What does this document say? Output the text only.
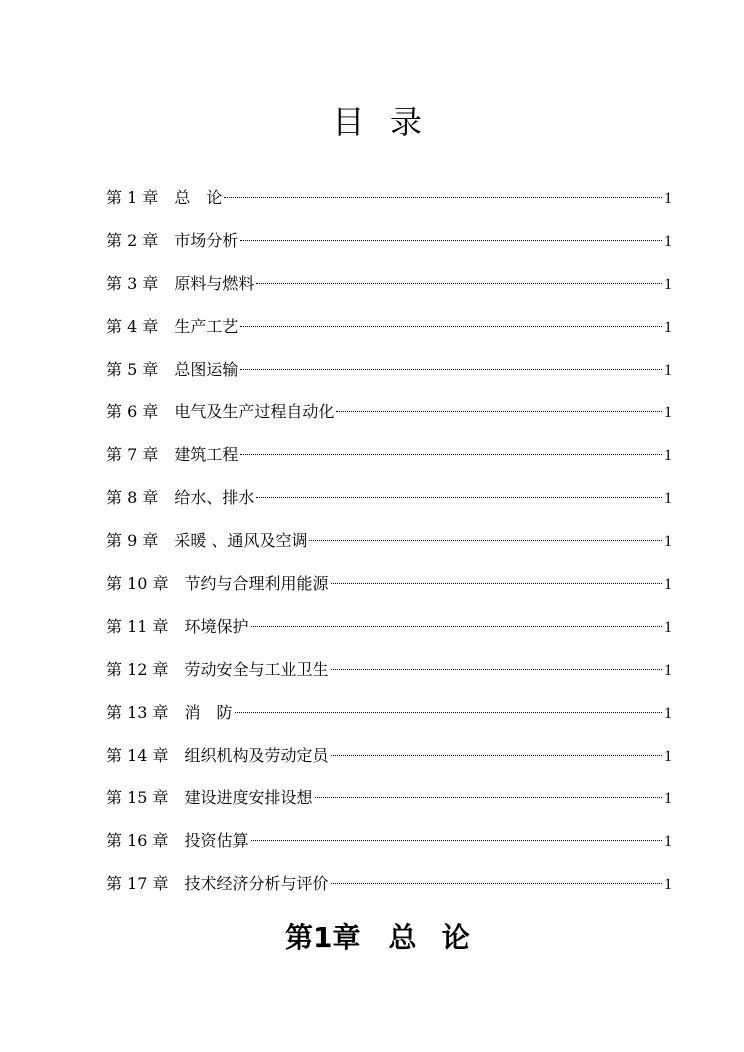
目录
第 1 章 总　论	1
第 2 章 市场分析	1
第 3 章 原料与燃料	1
第 4 章 生产工艺	1
第 5 章 总图运输	1
第 6 章 电气及生产过程自动化	1
第 7 章 建筑工程	1
第 8 章 给水、排水	1
第 9 章 采暖 、通风及空调	1
第 10 章 节约与合理利用能源	1
第 11 章 环境保护	1
第 12 章 劳动安全与工业卫生	1
第 13 章 消　防	1
第 14 章 组织机构及劳动定员	1
第 15 章 建设进度安排设想	1
第 16 章 投资估算	1
第 17 章 技术经济分析与评价	1
第1章 总论
